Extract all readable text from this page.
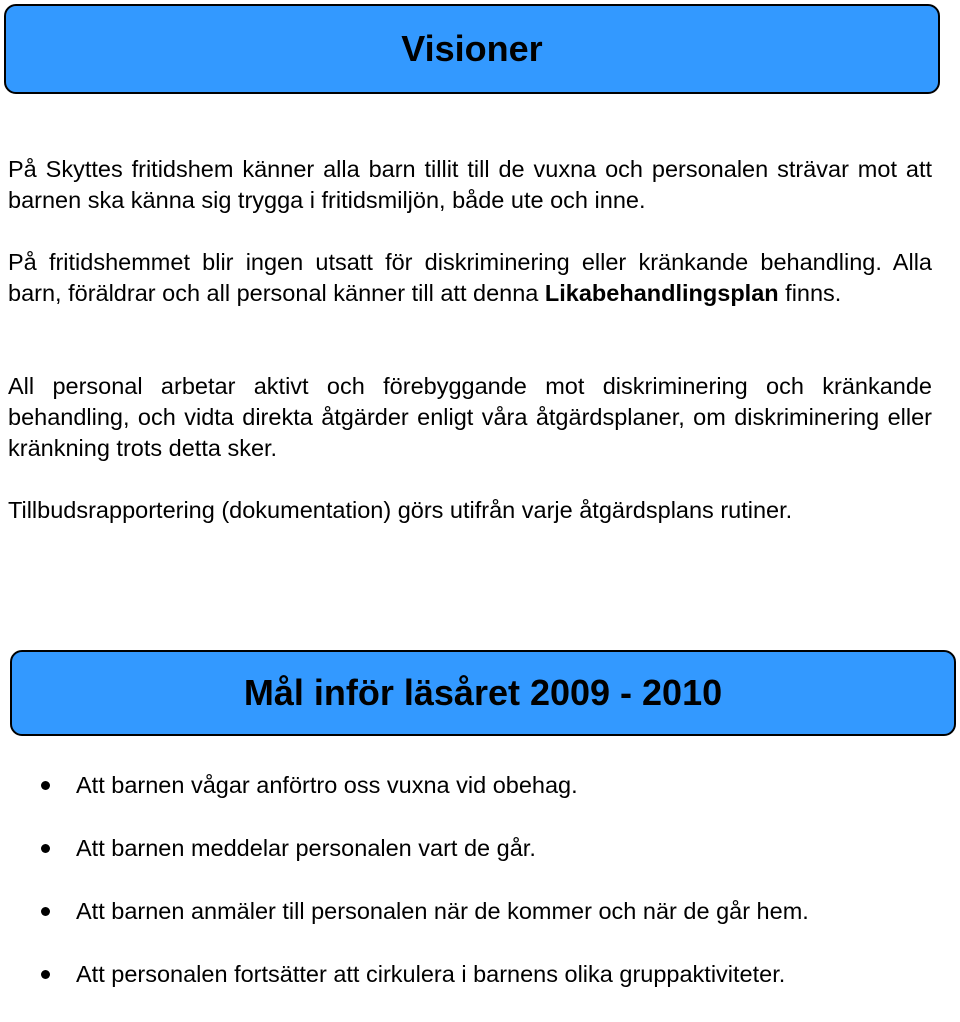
Visioner

På Skyttes fritidshem känner alla barn tillit till de vuxna och personalen strävar mot att barnen ska känna sig trygga i fritidsmiljön, både ute och inne.

På fritidshemmet blir ingen utsatt för diskriminering eller kränkande behandling. Alla barn, föräldrar och all personal känner till att denna Likabehandlingsplan finns.

All personal arbetar aktivt och förebyggande mot diskriminering och kränkande behandling, och vidta direkta åtgärder enligt våra åtgärdsplaner, om diskriminering eller kränkning trots detta sker.

Tillbudsrapportering (dokumentation) görs utifrån varje åtgärdsplans rutiner.

Mål inför läsåret 2009 - 2010
Att barnen vågar anförtro oss vuxna vid obehag.
Att barnen meddelar personalen vart de går.
Att barnen anmäler till personalen när de kommer och när de går hem.
Att personalen fortsätter att cirkulera i barnens olika gruppaktiviteter.
